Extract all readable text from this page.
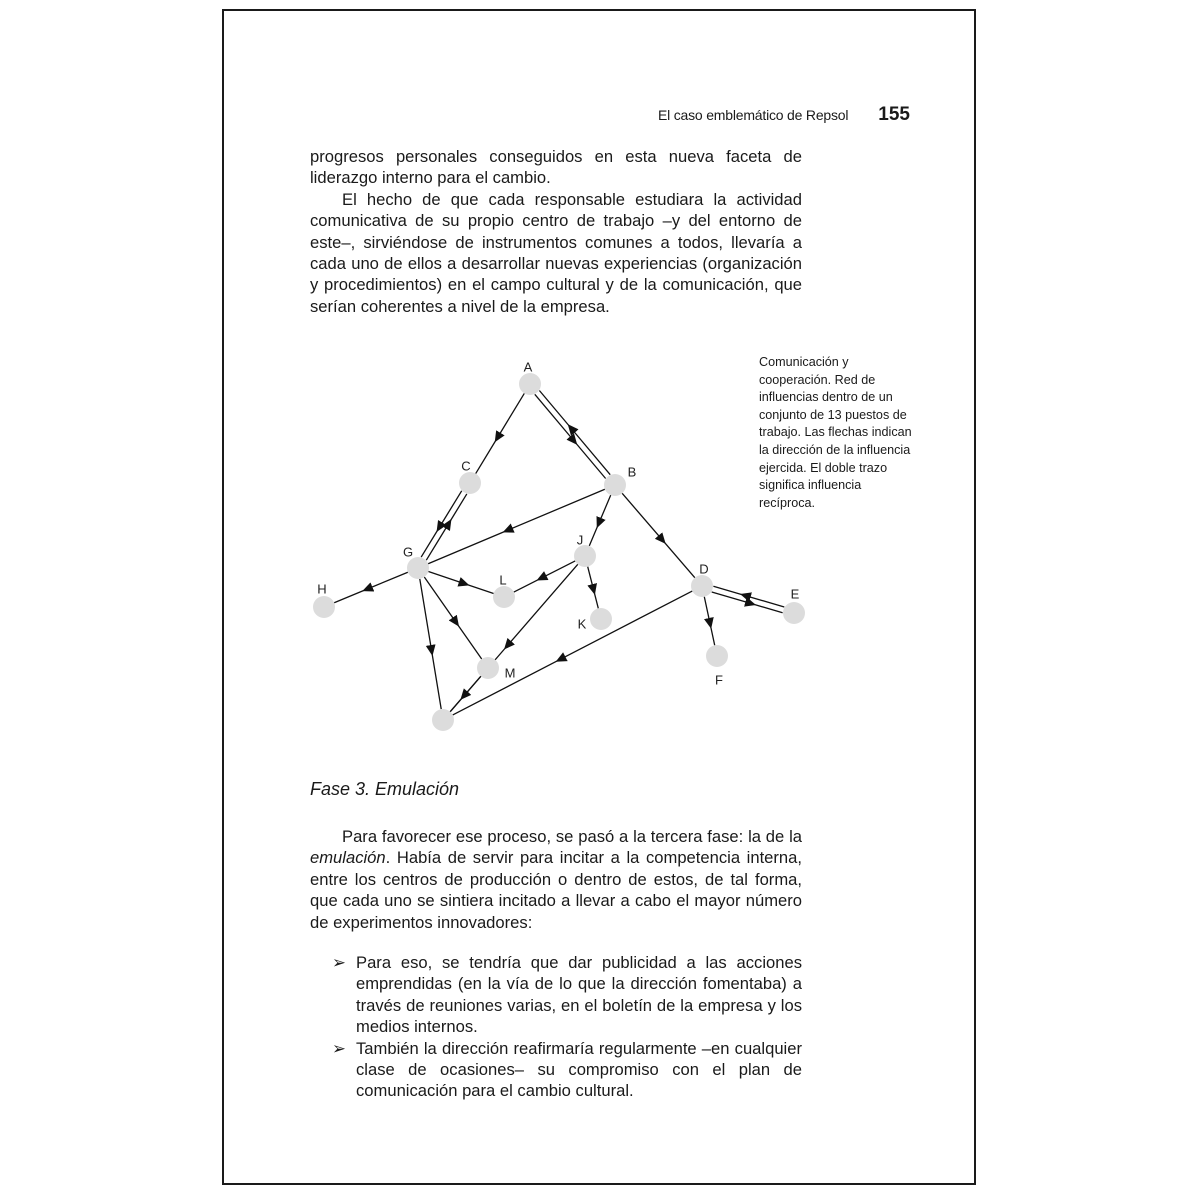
El caso emblemático de Repsol 155

progresos personales conseguidos en esta nueva faceta de liderazgo interno para el cambio.

El hecho de que cada responsable estudiara la actividad comunicativa de su propio centro de trabajo –y del entorno de este–, sirviéndose de instrumentos comunes a todos, llevaría a cada uno de ellos a desarrollar nuevas experiencias (organización y procedimientos) en el campo cultural y de la comunicación, que serían coherentes a nivel de la empresa.

A
B
C
G
H
L
J
K
M
D
E
F

Comunicación y cooperación. Red de influencias dentro de un conjunto de 13 puestos de trabajo. Las flechas indican la dirección de la influencia ejercida. El doble trazo significa influencia recíproca.

Fase 3. Emulación

Para favorecer ese proceso, se pasó a la tercera fase: la de la emulación. Había de servir para incitar a la competencia interna, entre los centros de producción o dentro de estos, de tal forma, que cada uno se sintiera incitado a llevar a cabo el mayor número de experimentos innovadores:

➢ Para eso, se tendría que dar publicidad a las acciones emprendidas (en la vía de lo que la dirección fomentaba) a través de reuniones varias, en el boletín de la empresa y los medios internos.
➢ También la dirección reafirmaría regularmente –en cualquier clase de ocasiones– su compromiso con el plan de comunicación para el cambio cultural.
